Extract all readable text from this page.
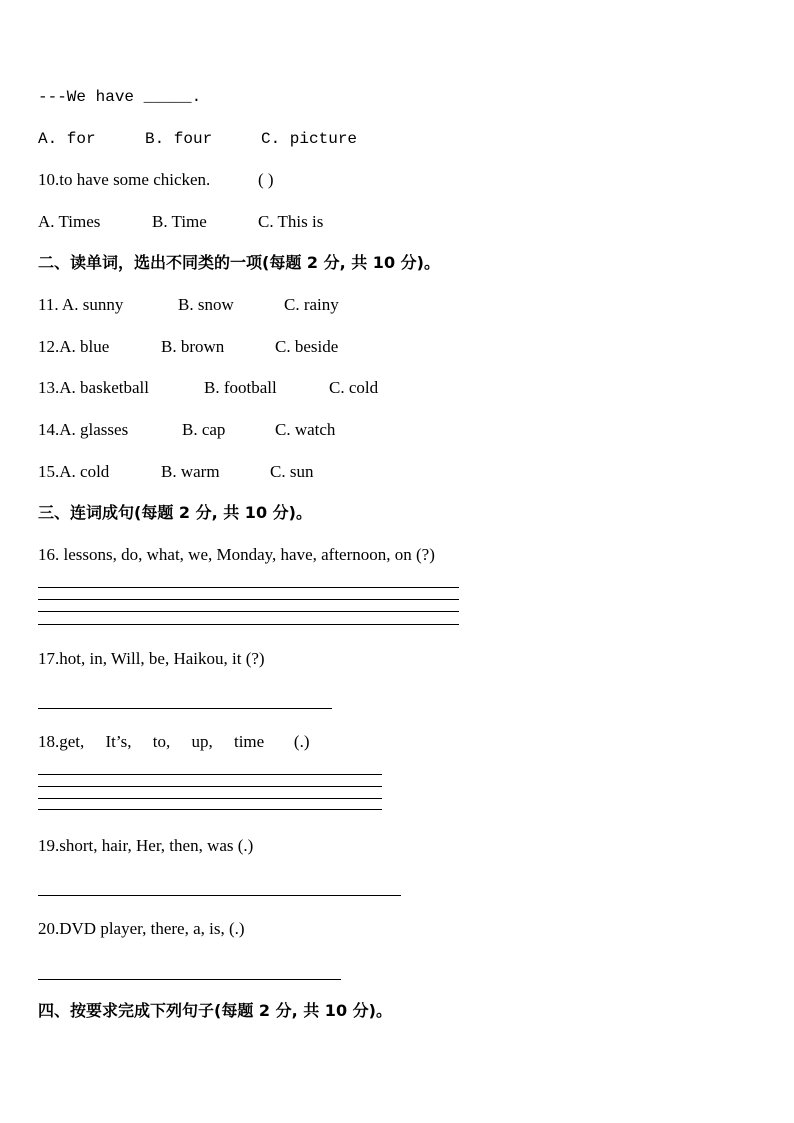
---We have _____.
A. for	B. four	C. picture
10.to have some chicken.	( )
A. Times	B. Time	C. This is
二、读单词，选出不同类的一项(每题 2 分, 共 10 分)。
11. A. sunny	B. snow	C. rainy
12.A. blue	B. brown	C. beside
13.A. basketball	B. football	C. cold
14.A. glasses	B. cap	C. watch
15.A. cold	B. warm	C. sun
三、连词成句(每题 2 分, 共 10 分)。
16. lessons, do, what, we, Monday, have, afternoon, on (?)
17.hot, in, Will, be, Haikou, it (?)
18.get,     It’s,     to,     up,     time       (.)
19.short, hair, Her, then, was (.)
20.DVD player, there, a, is, (.)
四、按要求完成下列句子(每题 2 分, 共 10 分)。
